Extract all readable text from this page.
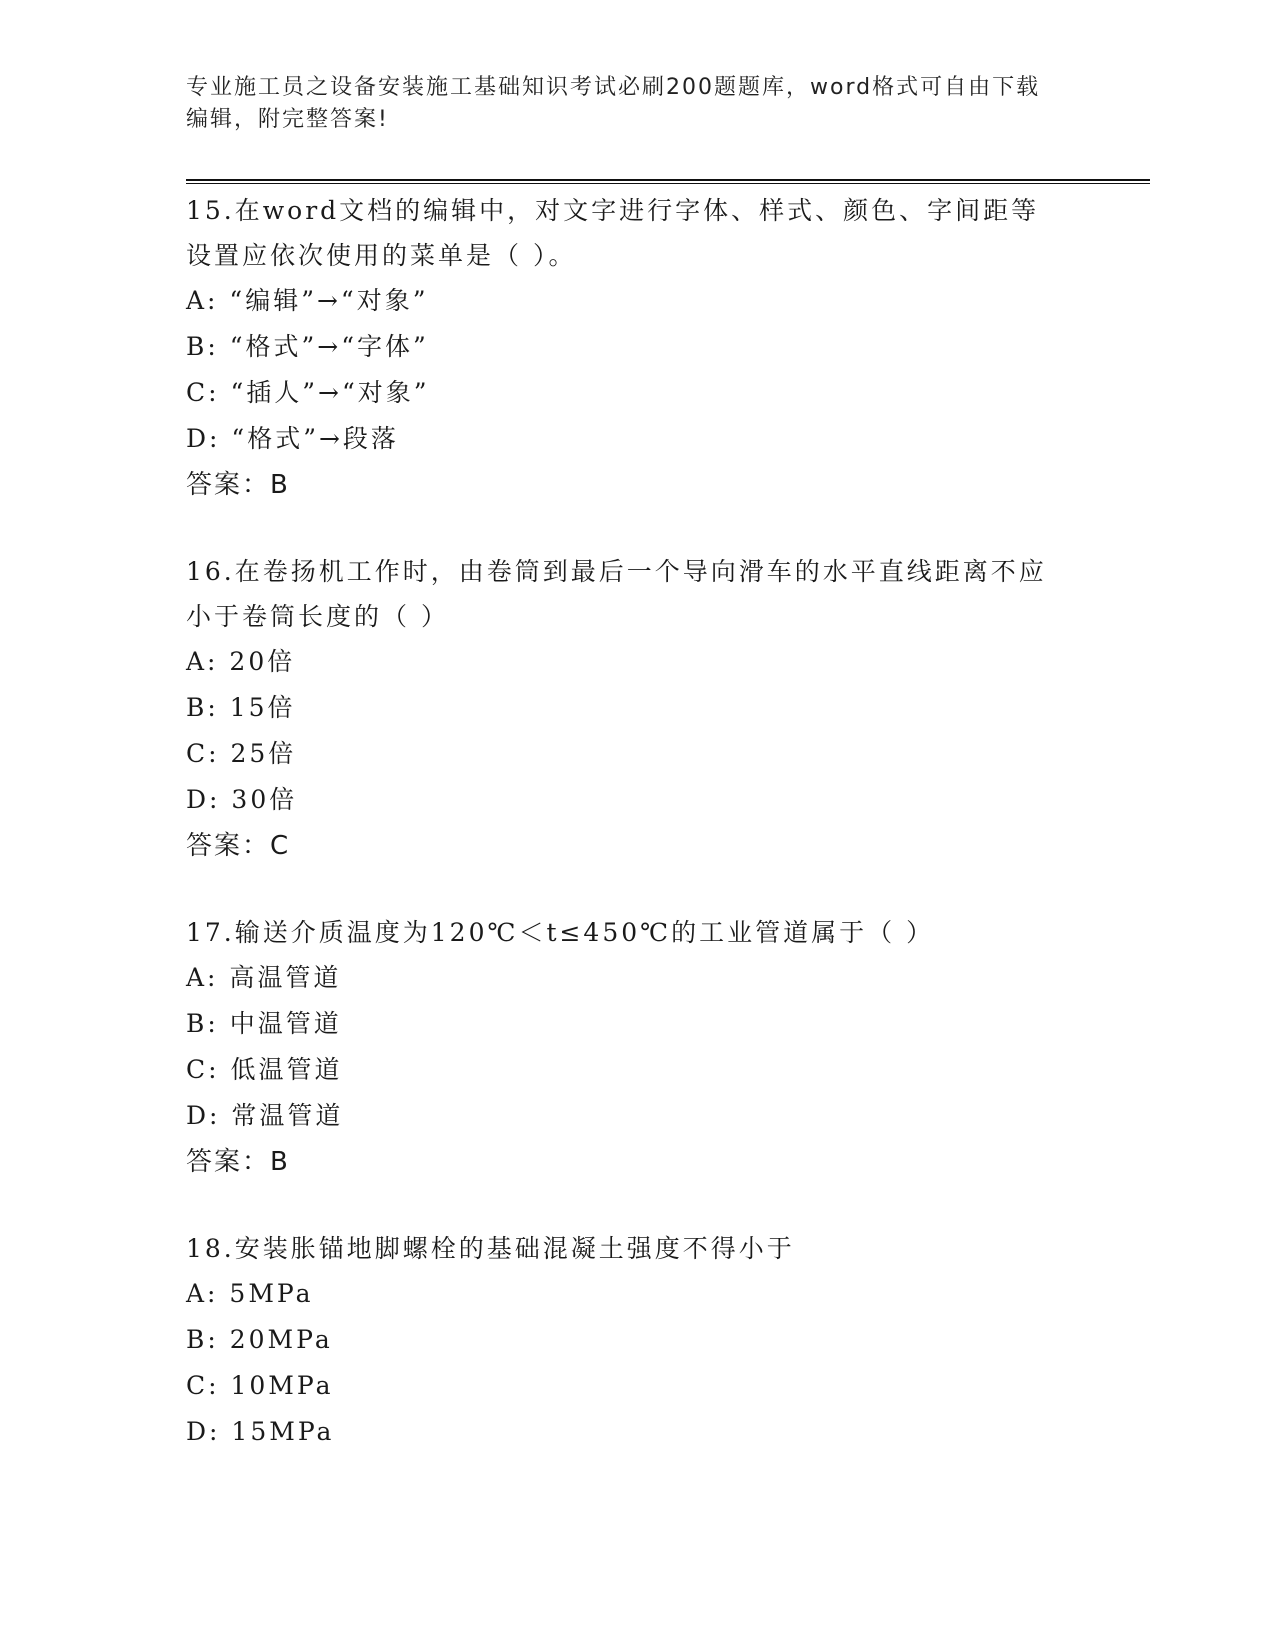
专业施工员之设备安装施工基础知识考试必刷200题题库，word格式可自由下载
编辑，附完整答案!

15.在word文档的编辑中，对文字进行字体、样式、颜色、字间距等

设置应依次使用的菜单是（ ）。

A: “编辑”→“对象”

B: “格式”→“字体”

C: “插人”→“对象”

D: “格式”→段落

答案：B

16.在卷扬机工作时，由卷筒到最后一个导向滑车的水平直线距离不应

小于卷筒长度的（ ）

A: 20倍

B: 15倍

C: 25倍

D: 30倍

答案：C

17.输送介质温度为120℃＜t≤450℃的工业管道属于（ ）

A: 高温管道

B: 中温管道

C: 低温管道

D: 常温管道

答案：B

18.安装胀锚地脚螺栓的基础混凝土强度不得小于

A: 5MPa

B: 20MPa

C: 10MPa

D: 15MPa
